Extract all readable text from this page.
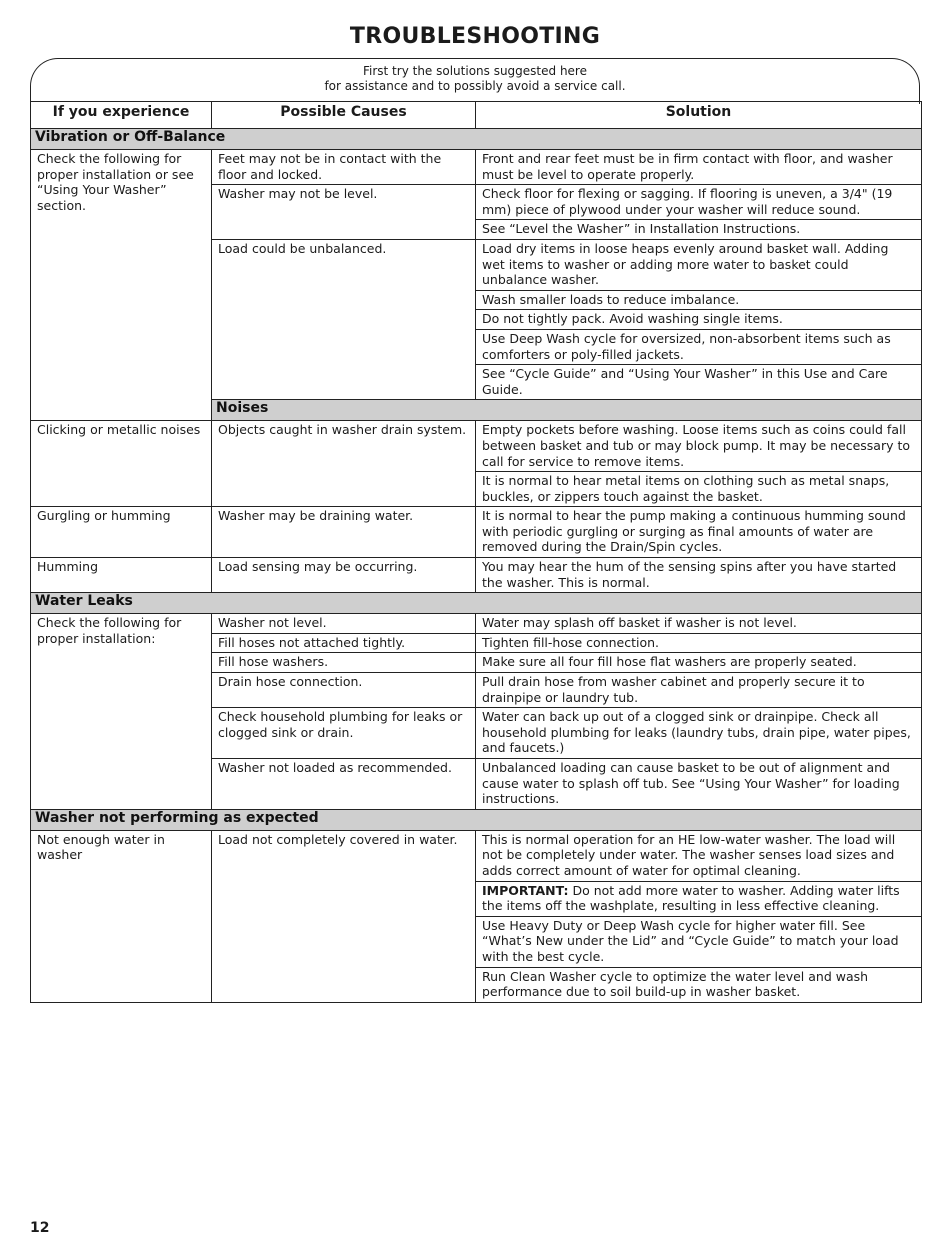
TROUBLESHOOTING
First try the solutions suggested here
for assistance and to possibly avoid a service call.
If you experience	Possible Causes	Solution
Vibration or Off-Balance		
Check the following for proper installation or see “Using Your Washer” section.	Feet may not be in contact with the floor and locked.	Front and rear feet must be in firm contact with floor, and washer must be level to operate properly.
	Washer may not be level.	Check floor for flexing or sagging. If flooring is uneven, a 3/4" (19 mm) piece of plywood under your washer will reduce sound.
		See “Level the Washer” in Installation Instructions.
	Load could be unbalanced.	Load dry items in loose heaps evenly around basket wall. Adding wet items to washer or adding more water to basket could unbalance washer.
		Wash smaller loads to reduce imbalance.
		Do not tightly pack. Avoid washing single items.
		Use Deep Wash cycle for oversized, non-absorbent items such as comforters or poly-filled jackets.
		See “Cycle Guide” and “Using Your Washer” in this Use and Care Guide.
	Noises	
Clicking or metallic noises	Objects caught in washer drain system.	Empty pockets before washing. Loose items such as coins could fall between basket and tub or may block pump. It may be necessary to call for service to remove items.
		It is normal to hear metal items on clothing such as metal snaps, buckles, or zippers touch against the basket.
Gurgling or humming	Washer may be draining water.	It is normal to hear the pump making a continuous humming sound with periodic gurgling or surging as final amounts of water are removed during the Drain/Spin cycles.
Humming	Load sensing may be occurring.	You may hear the hum of the sensing spins after you have started the washer. This is normal.
Water Leaks		
Check the following for proper installation:	Washer not level.	Water may splash off basket if washer is not level.
	Fill hoses not attached tightly.	Tighten fill-hose connection.
	Fill hose washers.	Make sure all four fill hose flat washers are properly seated.
	Drain hose connection.	Pull drain hose from washer cabinet and properly secure it to drainpipe or laundry tub.
	Check household plumbing for leaks or clogged sink or drain.	Water can back up out of a clogged sink or drainpipe. Check all household plumbing for leaks (laundry tubs, drain pipe, water pipes, and faucets.)
	Washer not loaded as recommended.	Unbalanced loading can cause basket to be out of alignment and cause water to splash off tub. See “Using Your Washer” for loading instructions.
Washer not performing as expected		
Not enough water in washer	Load not completely covered in water.	This is normal operation for an HE low-water washer. The load will not be completely under water. The washer senses load sizes and adds correct amount of water for optimal cleaning.
		IMPORTANT: Do not add more water to washer. Adding water lifts the items off the washplate, resulting in less effective cleaning.
		Use Heavy Duty or Deep Wash cycle for higher water fill. See “What’s New under the Lid” and “Cycle Guide” to match your load with the best cycle.
		Run Clean Washer cycle to optimize the water level and wash performance due to soil build-up in washer basket.
12
